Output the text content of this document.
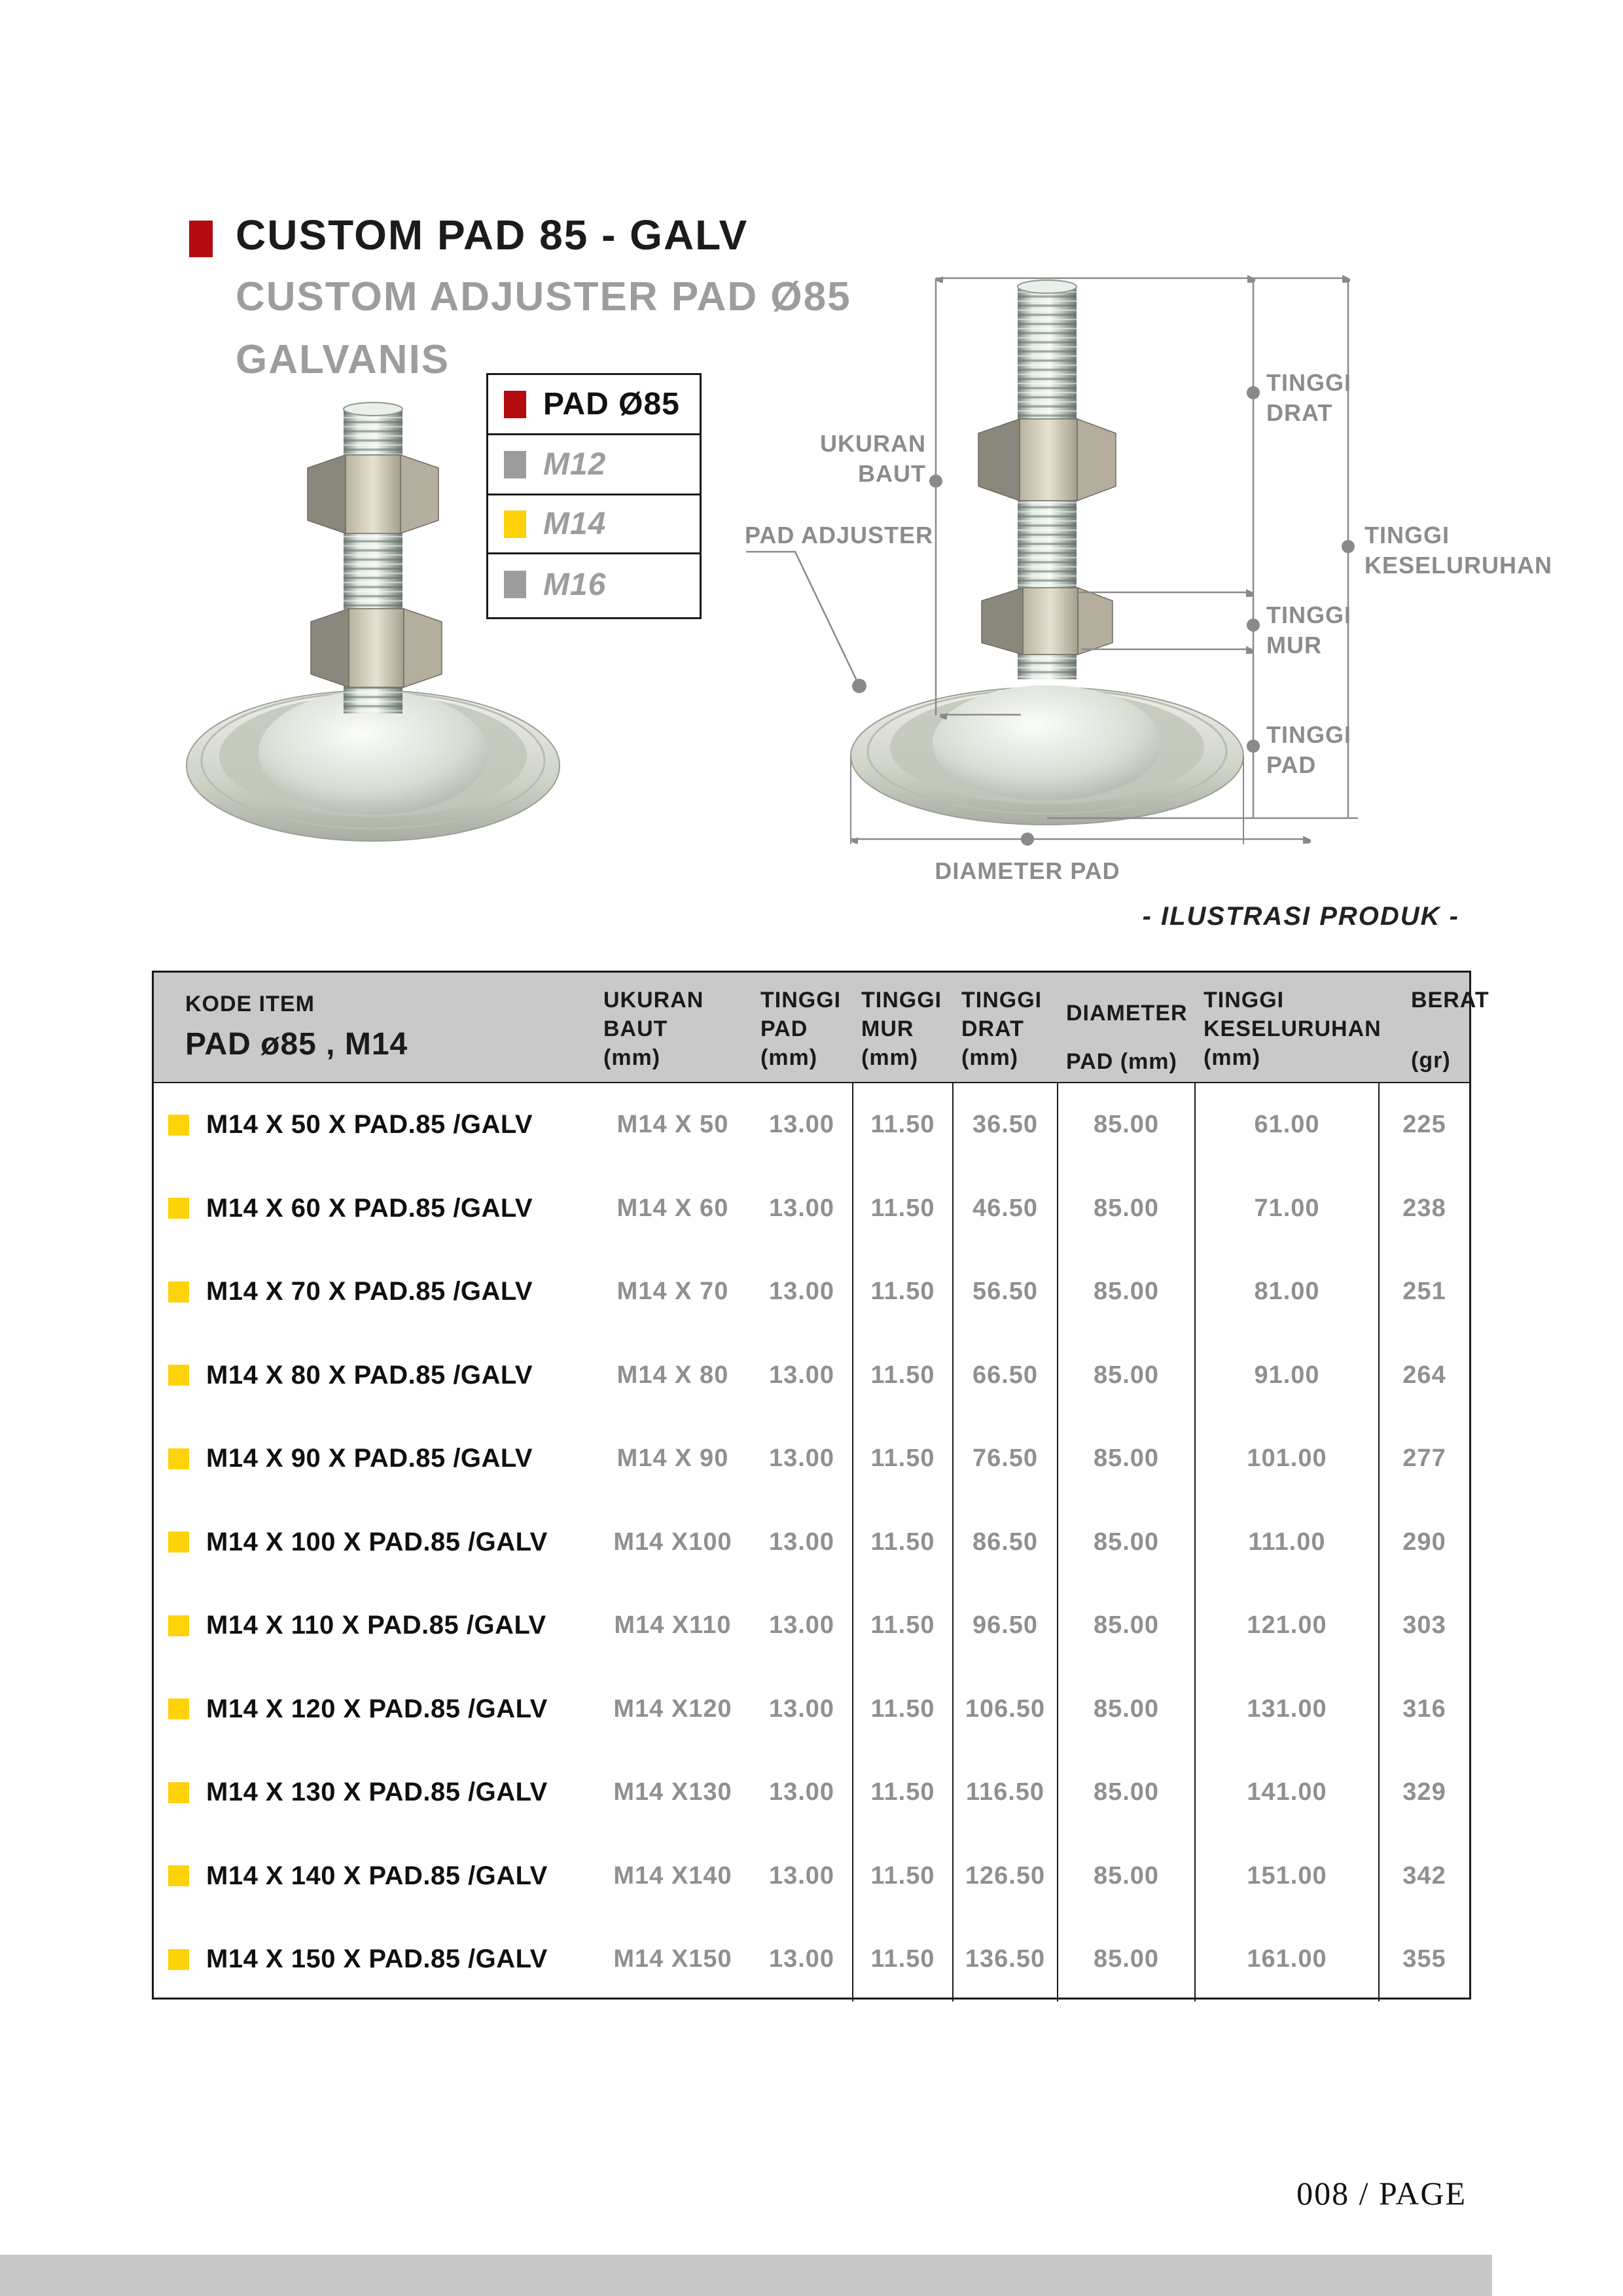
CUSTOM PAD 85 - GALV
CUSTOM ADJUSTER PAD Ø85
GALVANIS
PAD Ø85
M12
M14
M16
UKURAN
BAUT
PAD ADJUSTER
TINGGI
DRAT
TINGGI
KESELURUHAN
TINGGI
MUR
TINGGI
PAD
DIAMETER PAD
- ILUSTRASI PRODUK -
KODE ITEM
PAD ø85 , M14
UKURAN
BAUT
(mm)
TINGGI
PAD
(mm)
TINGGI
MUR
(mm)
TINGGI
DRAT
(mm)
DIAMETER
PAD (mm)
TINGGI
KESELURUHAN
(mm)
BERAT
(gr)
M14 X 50 X PAD.85 /GALV	M14 X 50	13.00	11.50	36.50	85.00	61.00	225
M14 X 60 X PAD.85 /GALV	M14 X 60	13.00	11.50	46.50	85.00	71.00	238
M14 X 70 X PAD.85 /GALV	M14 X 70	13.00	11.50	56.50	85.00	81.00	251
M14 X 80 X PAD.85 /GALV	M14 X 80	13.00	11.50	66.50	85.00	91.00	264
M14 X 90 X PAD.85 /GALV	M14 X 90	13.00	11.50	76.50	85.00	101.00	277
M14 X 100 X PAD.85 /GALV	M14 X100	13.00	11.50	86.50	85.00	111.00	290
M14 X 110 X PAD.85 /GALV	M14 X110	13.00	11.50	96.50	85.00	121.00	303
M14 X 120 X PAD.85 /GALV	M14 X120	13.00	11.50	106.50	85.00	131.00	316
M14 X 130 X PAD.85 /GALV	M14 X130	13.00	11.50	116.50	85.00	141.00	329
M14 X 140 X PAD.85 /GALV	M14 X140	13.00	11.50	126.50	85.00	151.00	342
M14 X 150 X PAD.85 /GALV	M14 X150	13.00	11.50	136.50	85.00	161.00	355
008 / PAGE
